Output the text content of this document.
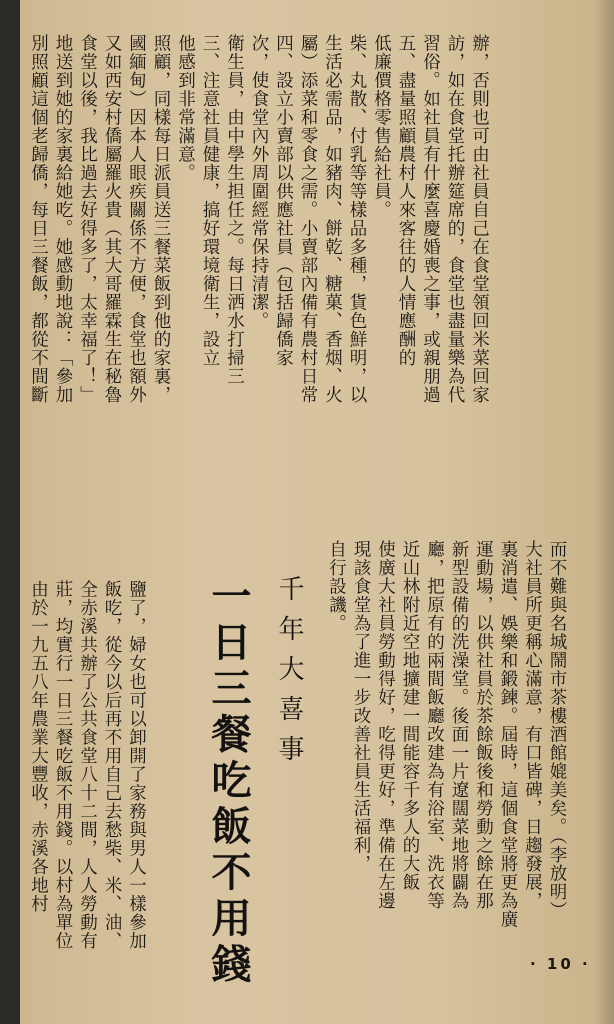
辦，否則也可由社員自己在食堂領回米菜回家
訪，如在食堂托辦筵席的，食堂也盡量樂為代
習俗。如社員有什麼喜慶婚喪之事，或親朋過
五、盡量照顧農村人來客往的人情應酬的
低廉價格零售給社員。
柴、丸散、付乳等等樣品多種，貨色鮮明，以
生活必需品，如豬肉、餅乾、糖菓、香烟、火
屬）添菜和零食之需。小賣部內備有農村日常
四、設立小賣部以供應社員（包括歸僑家
次，使食堂內外周圍經常保持清潔。
衛生員，由中學生担任之。每日洒水打掃三
三、注意社員健康，搞好環境衛生，設立
他感到非常滿意。
照顧，同樣每日派員送三餐菜飯到他的家裏，
國緬甸）因本人眼疾關係不方便，食堂也額外
又如西安村僑屬羅火貴（其大哥羅霖生在秘魯
食堂以後，我比過去好得多了，太幸福了！」
地送到她的家裏給她吃。她感動地說：「參加
別照顧這個老歸僑，每日三餐飯，都從不間斷
而不難與名城鬧市茶樓酒館媲美矣。（李放明）
大社員所更稱心滿意，有口皆碑，日趨發展，
裏消遣、娛樂和鍛鍊。屆時，這個食堂將更為廣
運動場，以供社員於茶餘飯後和勞動之餘在那
新型設備的洗澡堂。後面一片遼闊菜地將闢為
廳，把原有的兩間飯廳改建為有浴室、洗衣等
近山林附近空地擴建一間能容千多人的大飯
使廣大社員勞動得好，吃得更好，準備在左邊
現該食堂為了進一步改善社員生活福利，
自行設譏。
千年大喜事
一日三餐吃飯不用錢
鹽了，婦女也可以卸開了家務與男人一樣參加
飯吃，從今以后再不用自己去愁柴、米、油、
全赤溪共辦了公共食堂八十二間，人人勞動有
莊，均實行一日三餐吃飯不用錢。以村為單位
由於一九五八年農業大豐收，赤溪各地村
· 10 ·
